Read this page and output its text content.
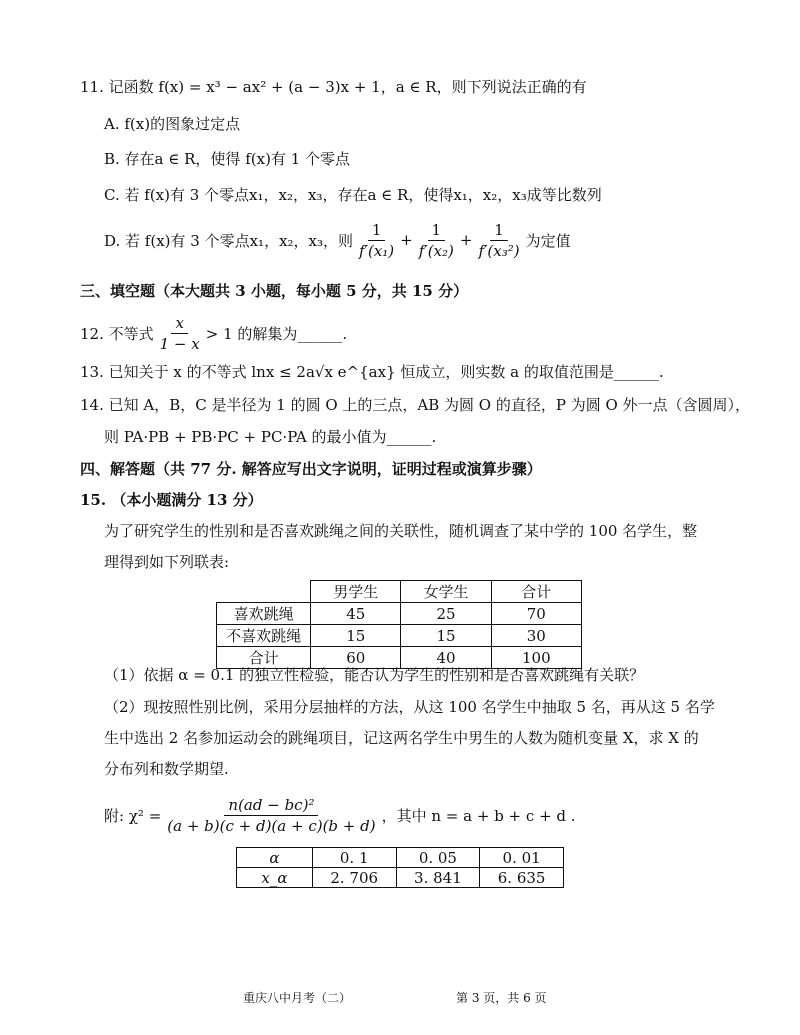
11. 记函数 f(x) = x³ − ax² + (a − 3)x + 1，a ∈ R，则下列说法正确的有
A. f(x)的图象过定点
B. 存在a ∈ R，使得 f(x)有 1 个零点
C. 若 f(x)有 3 个零点x₁，x₂，x₃，存在a ∈ R，使得x₁，x₂，x₃成等比数列
D. 若 f(x)有 3 个零点x₁，x₂，x₃，则 $\frac{1}{\text{f′(x₁)}} + \frac{1}{\text{f′(x₂)}} + \frac{1}{\text{f′(x₃²)}}$ 为定值
三、填空题（本大题共 3 小题，每小题 5 分，共 15 分）
12. 不等式 $\frac{x}{1 - x} > 1$ 的解集为______.
13. 已知关于 x 的不等式 lnx ≤ 2a√x e^{ax} 恒成立，则实数 a 的取值范围是______.
14. 已知 A，B，C 是半径为 1 的圆 O 上的三点，AB 为圆 O 的直径，P 为圆 O 外一点（含圆周），
则 PA·PB + PB·PC + PC·PA 的最小值为______.
四、解答题（共 77 分. 解答应写出文字说明，证明过程或演算步骤）
15. （本小题满分 13 分）
为了研究学生的性别和是否喜欢跳绳之间的关联性，随机调查了某中学的 100 名学生，整
理得到如下列联表:
	男学生	女学生	合计
喜欢跳绳	45	25	70
不喜欢跳绳	15	15	30
合计	60	40	100
（1）依据 α = 0.1 的独立性检验，能否认为学生的性别和是否喜欢跳绳有关联？
（2）现按照性别比例，采用分层抽样的方法，从这 100 名学生中抽取 5 名，再从这 5 名学
生中选出 2 名参加运动会的跳绳项目，记这两名学生中男生的人数为随机变量 X，求 X 的
分布列和数学期望.
附: $\chi^2 = \frac{\text{n(ad − bc)²}}{(a + b)(c + d)(a + c)(b + d)}$ ，其中 n = a + b + c + d .
α	0. 1	0. 05	0. 01
x_α	2. 706	3. 841	6. 635
重庆八中月考（二）	第 3 页，共 6 页
